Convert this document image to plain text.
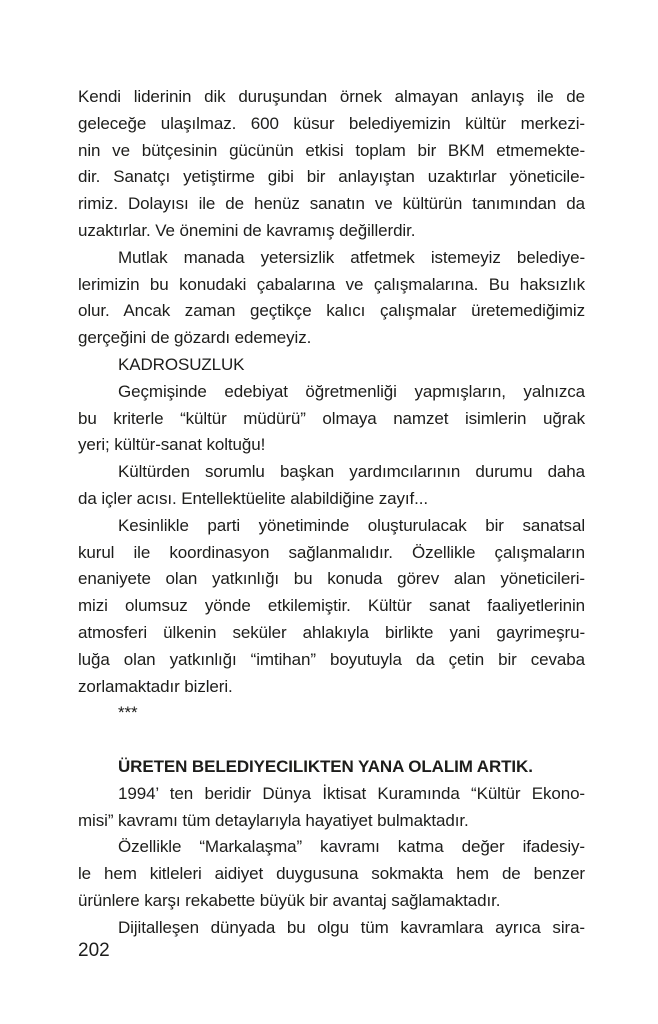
Kendi liderinin dik duruşundan örnek almayan anlayış ile de
geleceğe ulaşılmaz. 600 küsur belediyemizin kültür merkezi-
nin ve bütçesinin gücünün etkisi toplam bir BKM etmemekte-
dir. Sanatçı yetiştirme gibi bir anlayıştan uzaktırlar yöneticile-
rimiz. Dolayısı ile de henüz sanatın ve kültürün tanımından da
uzaktırlar. Ve önemini de kavramış değillerdir.
Mutlak manada yetersizlik atfetmek istemeyiz belediye-
lerimizin bu konudaki çabalarına ve çalışmalarına. Bu haksızlık
olur. Ancak zaman geçtikçe kalıcı çalışmalar üretemediğimiz
gerçeğini de gözardı edemeyiz.
KADROSUZLUK
Geçmişinde edebiyat öğretmenliği yapmışların, yalnızca
bu kriterle “kültür müdürü” olmaya namzet isimlerin uğrak
yeri; kültür-sanat koltuğu!
Kültürden sorumlu başkan yardımcılarının durumu daha
da içler acısı. Entellektüelite alabildiğine zayıf...
Kesinlikle parti yönetiminde oluşturulacak bir sanatsal
kurul ile koordinasyon sağlanmalıdır. Özellikle çalışmaların
enaniyete olan yatkınlığı bu konuda görev alan yöneticileri-
mizi olumsuz yönde etkilemiştir. Kültür sanat faaliyetlerinin
atmosferi ülkenin seküler ahlakıyla birlikte yani gayrimeşru-
luğa olan yatkınlığı “imtihan” boyutuyla da çetin bir cevaba
zorlamaktadır bizleri.
***
ÜRETEN BELEDIYECILIKTEN YANA OLALIM ARTIK.
1994’ ten beridir Dünya İktisat Kuramında “Kültür Ekono-
misi” kavramı tüm detaylarıyla hayatiyet bulmaktadır.
Özellikle “Markalaşma” kavramı katma değer ifadesiy-
le hem kitleleri aidiyet duygusuna sokmakta hem de benzer
ürünlere karşı rekabette büyük bir avantaj sağlamaktadır.
Dijitalleşen dünyada bu olgu tüm kavramlara ayrıca sira-
202
